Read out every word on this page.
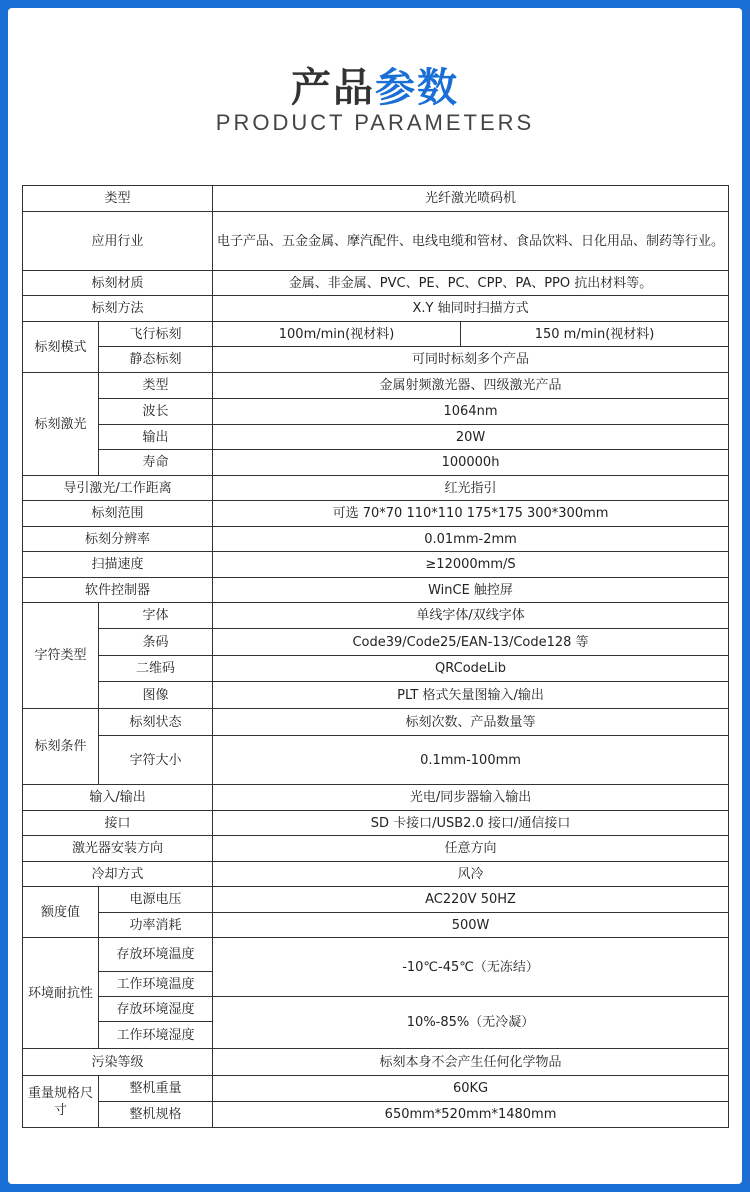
产品参数
PRODUCT PARAMETERS
类型		光纤激光喷码机	
应用行业		电子产品、五金金属、摩汽配件、电线电缆和管材、食品饮料、日化用品、制药等行业。	
标刻材质		金属、非金属、PVC、PE、PC、CPP、PA、PPO 抗出材料等。	
标刻方法		X.Y 轴同时扫描方式	
标刻模式	飞行标刻	100m/min(视材料)	150 m/min(视材料)
	静态标刻	可同时标刻多个产品	
标刻激光	类型	金属射频激光器、四级激光产品	
	波长	1064nm	
	输出	20W	
	寿命	100000h	
导引激光/工作距离		红光指引	
标刻范围		可选 70*70 110*110 175*175 300*300mm	
标刻分辨率		0.01mm-2mm	
扫描速度		≥12000mm/S	
软件控制器		WinCE 触控屏	
字符类型	字体	单线字体/双线字体	
	条码	Code39/Code25/EAN-13/Code128 等	
	二维码	QRCodeLib	
	图像	PLT 格式矢量图输入/输出	
标刻条件	标刻状态	标刻次数、产品数量等	
	字符大小	0.1mm-100mm	
输入/输出		光电/同步器输入输出	
接口		SD 卡接口/USB2.0 接口/通信接口	
激光器安装方向		任意方向	
冷却方式		风冷	
额度值	电源电压	AC220V 50HZ	
	功率消耗	500W	
环境耐抗性	存放环境温度	-10℃-45℃（无冻结）	
	工作环境温度		
	存放环境湿度	10%-85%（无冷凝）	
	工作环境湿度		
污染等级		标刻本身不会产生任何化学物品	
重量规格尺寸	整机重量	60KG	
	整机规格	650mm*520mm*1480mm	
